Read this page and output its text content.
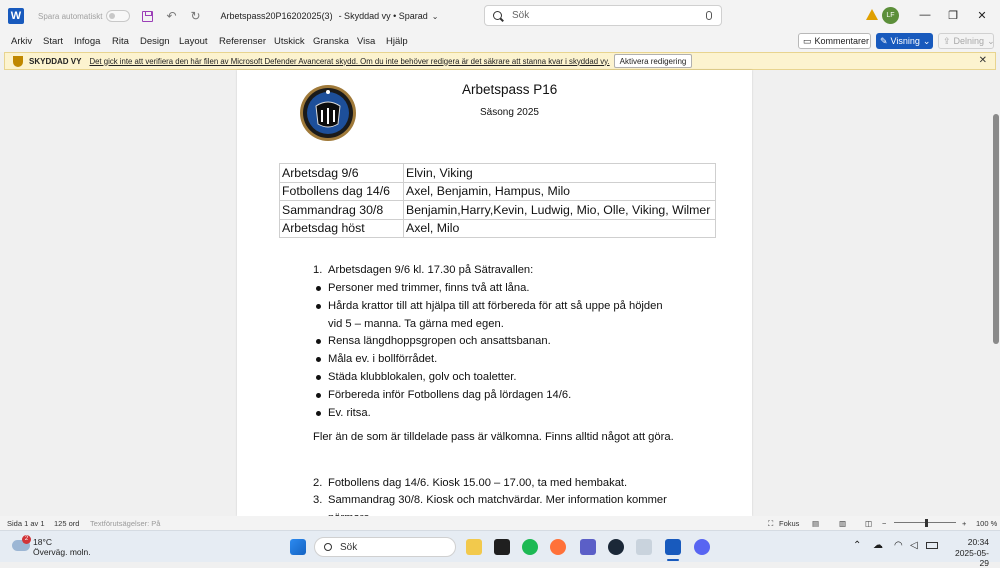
W	Spara automatiskt	↶ ↻ Arbetspass20P16202025(3) - Skyddad vy • Sparad ⌄	Sök	LF	— ❐ ✕
Arkiv Start Infoga Rita Design Layout Referenser Utskick Granska Visa Hjälp	▭ Kommentarer ✎ Visning ⌄ ⇪ Delning ⌄
SKYDDAD VY Det gick inte att verifiera den här filen av Microsoft Defender Avancerat skydd. Om du inte behöver redigera är det säkrare att stanna kvar i skyddad vy.	Aktivera redigering	✕
Arbetspass P16
Säsong 2025
Arbetsdag 9/6	Elvin, Viking
Fotbollens dag 14/6	Axel, Benjamin, Hampus, Milo
Sammandrag 30/8	Benjamin,Harry,Kevin, Ludwig, Mio, Olle, Viking, Wilmer
Arbetsdag höst	Axel, Milo
1. Arbetsdagen 9/6 kl. 17.30 på Sätravallen:
Personer med trimmer, finns två att låna.
Hårda krattor till att hjälpa till att förbereda för att så uppe på höjden
vid 5 – manna. Ta gärna med egen.
Rensa längdhoppsgropen och ansattsbanan.
Måla ev. i bollförrådet.
Städa klubblokalen, golv och toaletter.
Förbereda inför Fotbollens dag på lördagen 14/6.
Ev. ritsa.
Fler än de som är tilldelade pass är välkomna. Finns alltid något att göra.
2. Fotbollens dag 14/6. Kiosk 15.00 – 17.00, ta med hembakat.
3. Sammandrag 30/8. Kiosk och matchvärdar. Mer information kommer
Sida 1 av 1 125 ord Textförutsägelser: På	⛶ Fokus ▤	▥	◫ −	+ 100 %
2 18°C
Överväg. moln.	Sök	⌃ ☁ ◠ ◁	20:34
2025-05-29
